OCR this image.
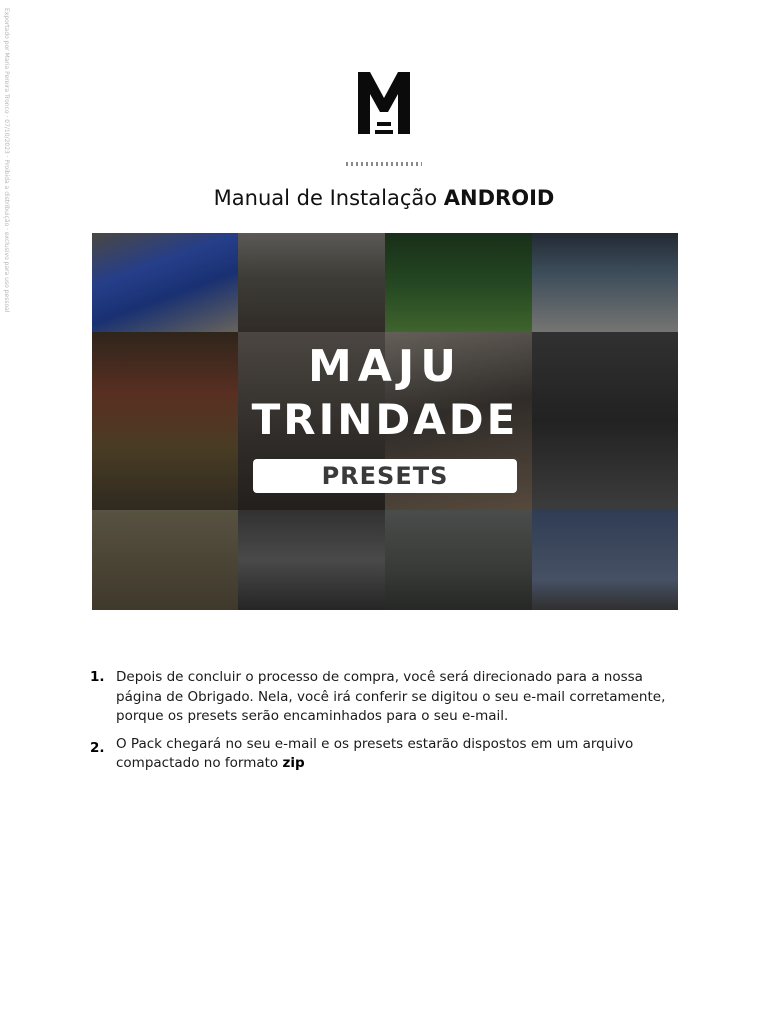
Exportado por Maria Pereira Tronco · 07/10/2023 · Proibida a distribuição · exclusivo para uso pessoal	Manual de Instalação ANDROID
MAJU
TRINDADE
PRESETS
1. Depois de concluir o processo de compra, você será direcionado para a nossa página de Obrigado. Nela, você irá conferir se digitou o seu e-mail corretamente, porque os presets serão encaminhados para o seu e-mail.
2. O Pack chegará no seu e-mail e os presets estarão dispostos em um arquivo compactado no formato zip
